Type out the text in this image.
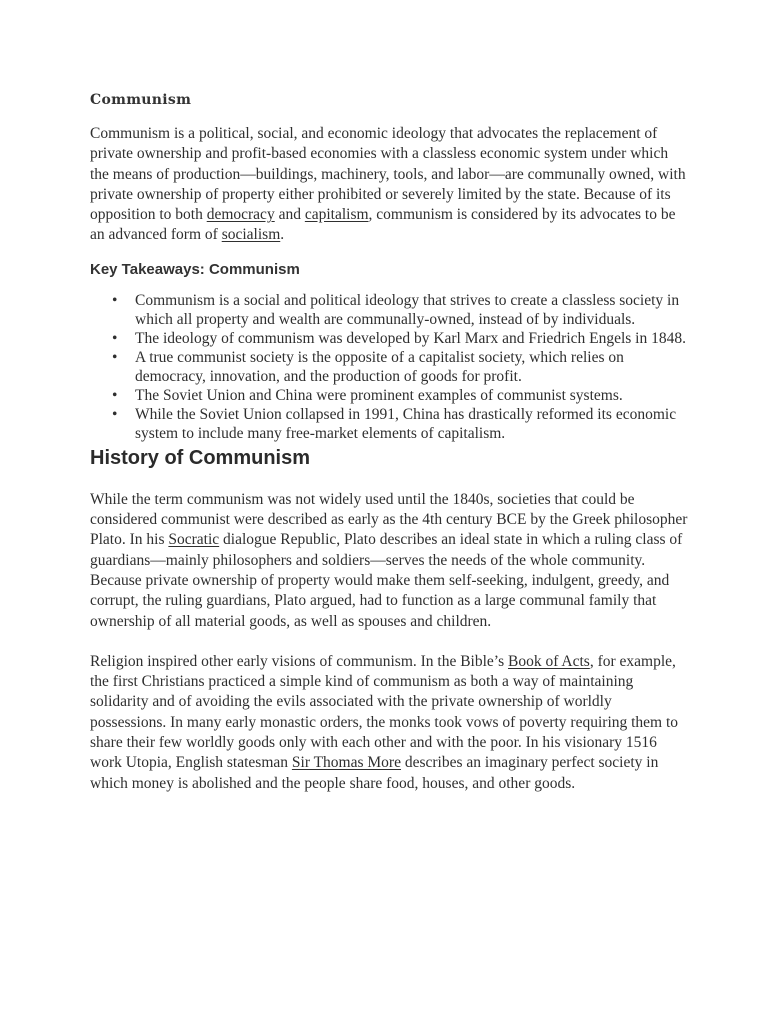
Communism

Communism is a political, social, and economic ideology that advocates the replacement of private ownership and profit-based economies with a classless economic system under which the means of production—buildings, machinery, tools, and labor—are communally owned, with private ownership of property either prohibited or severely limited by the state. Because of its opposition to both democracy and capitalism, communism is considered by its advocates to be an advanced form of socialism.

Key Takeaways: Communism
• Communism is a social and political ideology that strives to create a classless society in which all property and wealth are communally-owned, instead of by individuals.
• The ideology of communism was developed by Karl Marx and Friedrich Engels in 1848.
• A true communist society is the opposite of a capitalist society, which relies on democracy, innovation, and the production of goods for profit.
• The Soviet Union and China were prominent examples of communist systems.
• While the Soviet Union collapsed in 1991, China has drastically reformed its economic system to include many free-market elements of capitalism.
History of Communism

While the term communism was not widely used until the 1840s, societies that could be considered communist were described as early as the 4th century BCE by the Greek philosopher Plato. In his Socratic dialogue Republic, Plato describes an ideal state in which a ruling class of guardians—mainly philosophers and soldiers—serves the needs of the whole community. Because private ownership of property would make them self-seeking, indulgent, greedy, and corrupt, the ruling guardians, Plato argued, had to function as a large communal family that ownership of all material goods, as well as spouses and children.

Religion inspired other early visions of communism. In the Bible’s Book of Acts, for example, the first Christians practiced a simple kind of communism as both a way of maintaining solidarity and of avoiding the evils associated with the private ownership of worldly possessions. In many early monastic orders, the monks took vows of poverty requiring them to share their few worldly goods only with each other and with the poor. In his visionary 1516 work Utopia, English statesman Sir Thomas More describes an imaginary perfect society in which money is abolished and the people share food, houses, and other goods.
